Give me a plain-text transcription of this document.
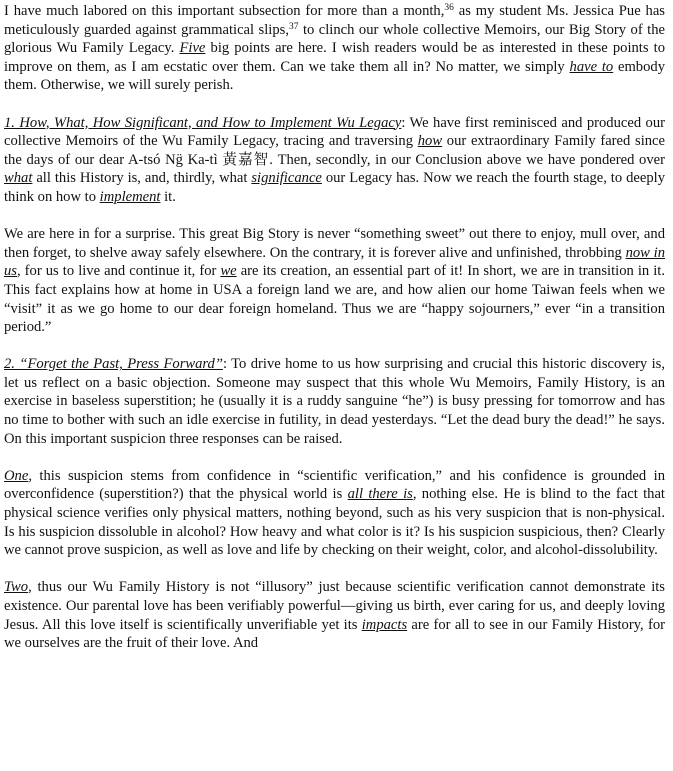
I have much labored on this important subsection for more than a month,$^{36}$ as my student Ms. Jessica Pue has meticulously guarded against grammatical slips,$^{37}$ to clinch our whole collective Memoirs, our Big Story of the glorious Wu Family Legacy. Five big points are here. I wish readers would be as interested in these points to improve on them, as I am ecstatic over them. Can we take them all in? No matter, we simply have to embody them. Otherwise, we will surely perish.

1. How, What, How Significant, and How to Implement Wu Legacy: We have first reminisced and produced our collective Memoirs of the Wu Family Legacy, tracing and traversing how our extraordinary Family fared since the days of our dear A-tsó Ng̈ Ka-tì 黃嘉智. Then, secondly, in our Conclusion above we have pondered over what all this History is, and, thirdly, what significance our Legacy has. Now we reach the fourth stage, to deeply think on how to implement it.

We are here in for a surprise. This great Big Story is never “something sweet” out there to enjoy, mull over, and then forget, to shelve away safely elsewhere. On the contrary, it is forever alive and unfinished, throbbing now in us, for us to live and continue it, for we are its creation, an essential part of it! In short, we are in transition in it. This fact explains how at home in USA a foreign land we are, and how alien our home Taiwan feels when we “visit” it as we go home to our dear foreign homeland. Thus we are “happy sojourners,” ever “in a transition period.”

2. “Forget the Past, Press Forward”: To drive home to us how surprising and crucial this historic discovery is, let us reflect on a basic objection. Someone may suspect that this whole Wu Memoirs, Family History, is an exercise in baseless superstition; he (usually it is a ruddy sanguine “he”) is busy pressing for tomorrow and has no time to bother with such an idle exercise in futility, in dead yesterdays. “Let the dead bury the dead!” he says. On this important suspicion three responses can be raised.

One, this suspicion stems from confidence in “scientific verification,” and his confidence is grounded in overconfidence (superstition?) that the physical world is all there is, nothing else. He is blind to the fact that physical science verifies only physical matters, nothing beyond, such as his very suspicion that is non-physical. Is his suspicion dissoluble in alcohol? How heavy and what color is it? Is his suspicion suspicious, then? Clearly we cannot prove suspicion, as well as love and life by checking on their weight, color, and alcohol-dissolubility.

Two, thus our Wu Family History is not “illusory” just because scientific verification cannot demonstrate its existence. Our parental love has been verifiably powerful—giving us birth, ever caring for us, and deeply loving Jesus. All this love itself is scientifically unverifiable yet its impacts are for all to see in our Family History, for we ourselves are the fruit of their love. And
